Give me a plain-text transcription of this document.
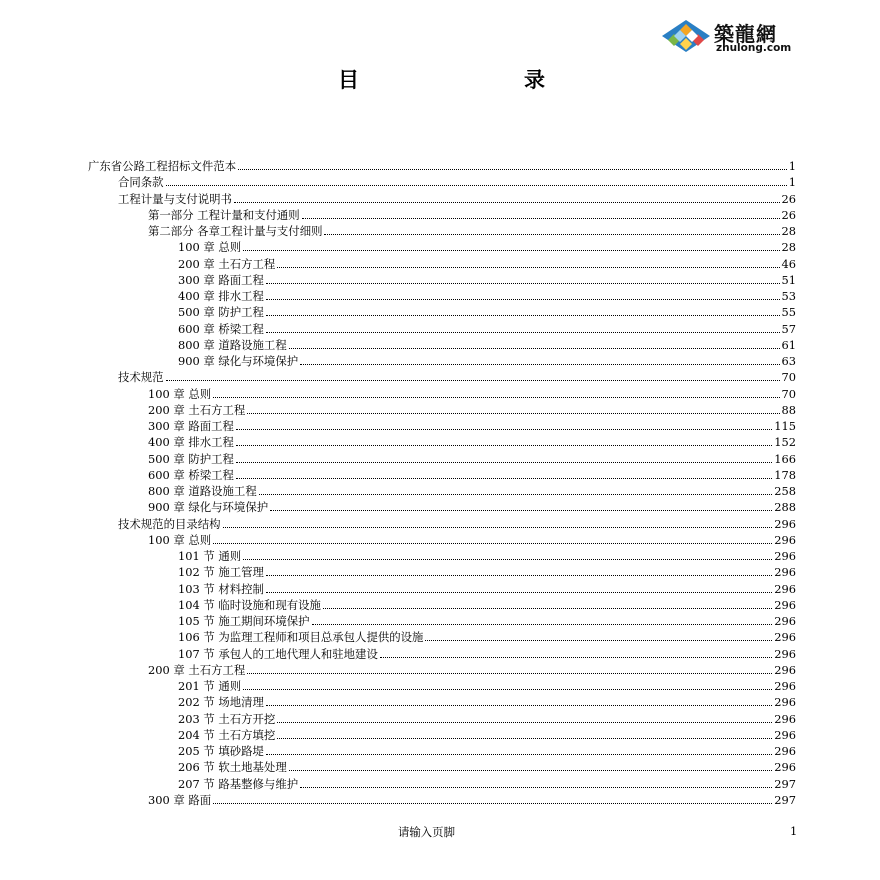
築龍網
zhulong.com
目	录
广东省公路工程招标文件范本	1
合同条款	1
工程计量与支付说明书	26
第一部分 工程计量和支付通则	26
第二部分 各章工程计量与支付细则	28
100 章 总则	28
200 章 土石方工程	46
300 章 路面工程	51
400 章 排水工程	53
500 章 防护工程	55
600 章 桥梁工程	57
800 章 道路设施工程	61
900 章 绿化与环境保护	63
技术规范	70
100 章 总则	70
200 章 土石方工程	88
300 章 路面工程	115
400 章 排水工程	152
500 章 防护工程	166
600 章 桥梁工程	178
800 章 道路设施工程	258
900 章 绿化与环境保护	288
技术规范的目录结构	296
100 章 总则	296
101 节 通则	296
102 节 施工管理	296
103 节 材料控制	296
104 节 临时设施和现有设施	296
105 节 施工期间环境保护	296
106 节 为监理工程师和项目总承包人提供的设施	296
107 节 承包人的工地代理人和驻地建设	296
200 章 土石方工程	296
201 节 通则	296
202 节 场地清理	296
203 节 土石方开挖	296
204 节 土石方填挖	296
205 节 填砂路堤	296
206 节 软土地基处理	296
207 节 路基整修与维护	297
300 章 路面	297
请输入页脚	1
